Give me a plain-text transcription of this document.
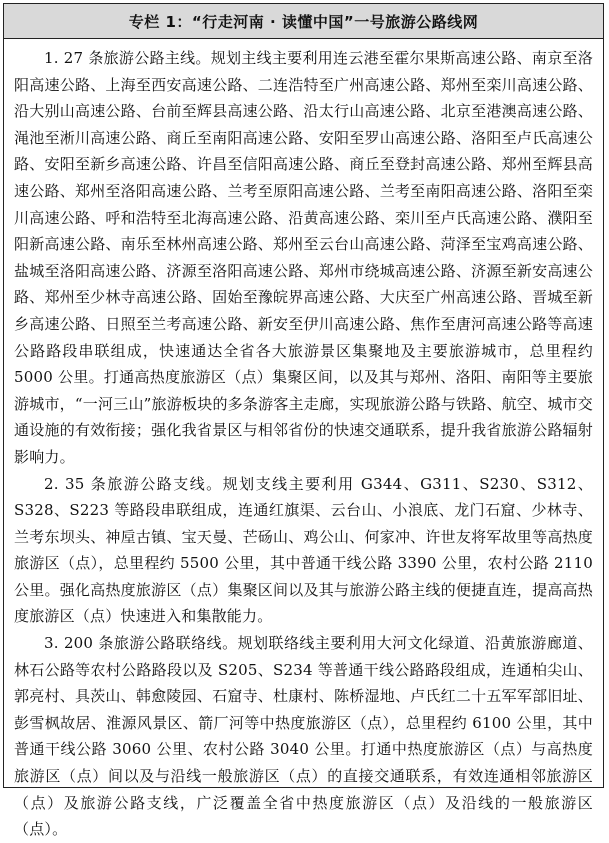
专栏 1：“行走河南 · 读懂中国”一号旅游公路线网

1. 27 条旅游公路主线。规划主线主要利用连云港至霍尔果斯高速公路、南京至洛阳高速公路、上海至西安高速公路、二连浩特至广州高速公路、郑州至栾川高速公路、沿大别山高速公路、台前至辉县高速公路、沿太行山高速公路、北京至港澳高速公路、渑池至淅川高速公路、商丘至南阳高速公路、安阳至罗山高速公路、洛阳至卢氏高速公路、安阳至新乡高速公路、许昌至信阳高速公路、商丘至登封高速公路、郑州至辉县高速公路、郑州至洛阳高速公路、兰考至原阳高速公路、兰考至南阳高速公路、洛阳至栾川高速公路、呼和浩特至北海高速公路、沿黄高速公路、栾川至卢氏高速公路、濮阳至阳新高速公路、南乐至林州高速公路、郑州至云台山高速公路、菏泽至宝鸡高速公路、盐城至洛阳高速公路、济源至洛阳高速公路、郑州市绕城高速公路、济源至新安高速公路、郑州至少林寺高速公路、固始至豫皖界高速公路、大庆至广州高速公路、晋城至新乡高速公路、日照至兰考高速公路、新安至伊川高速公路、焦作至唐河高速公路等高速公路路段串联组成，快速通达全省各大旅游景区集聚地及主要旅游城市，总里程约 5000 公里。打通高热度旅游区（点）集聚区间，以及其与郑州、洛阳、南阳等主要旅游城市，“一河三山”旅游板块的多条游客主走廊，实现旅游公路与铁路、航空、城市交通设施的有效衔接；强化我省景区与相邻省份的快速交通联系，提升我省旅游公路辐射影响力。

2. 35 条旅游公路支线。规划支线主要利用 G344、G311、S230、S312、S328、S223 等路段串联组成，连通红旗渠、云台山、小浪底、龙门石窟、少林寺、兰考东坝头、神垕古镇、宝天曼、芒砀山、鸡公山、何家冲、许世友将军故里等高热度旅游区（点），总里程约 5500 公里，其中普通干线公路 3390 公里，农村公路 2110 公里。强化高热度旅游区（点）集聚区间以及其与旅游公路主线的便捷直连，提高高热度旅游区（点）快速进入和集散能力。

3. 200 条旅游公路联络线。规划联络线主要利用大河文化绿道、沿黄旅游廊道、林石公路等农村公路路段以及 S205、S234 等普通干线公路路段组成，连通柏尖山、郭亮村、具茨山、韩愈陵园、石窟寺、杜康村、陈桥湿地、卢氏红二十五军军部旧址、彭雪枫故居、淮源风景区、箭厂河等中热度旅游区（点），总里程约 6100 公里，其中普通干线公路 3060 公里、农村公路 3040 公里。打通中热度旅游区（点）与高热度旅游区（点）间以及与沿线一般旅游区（点）的直接交通联系，有效连通相邻旅游区（点）及旅游公路支线，广泛覆盖全省中热度旅游区（点）及沿线的一般旅游区（点）。
